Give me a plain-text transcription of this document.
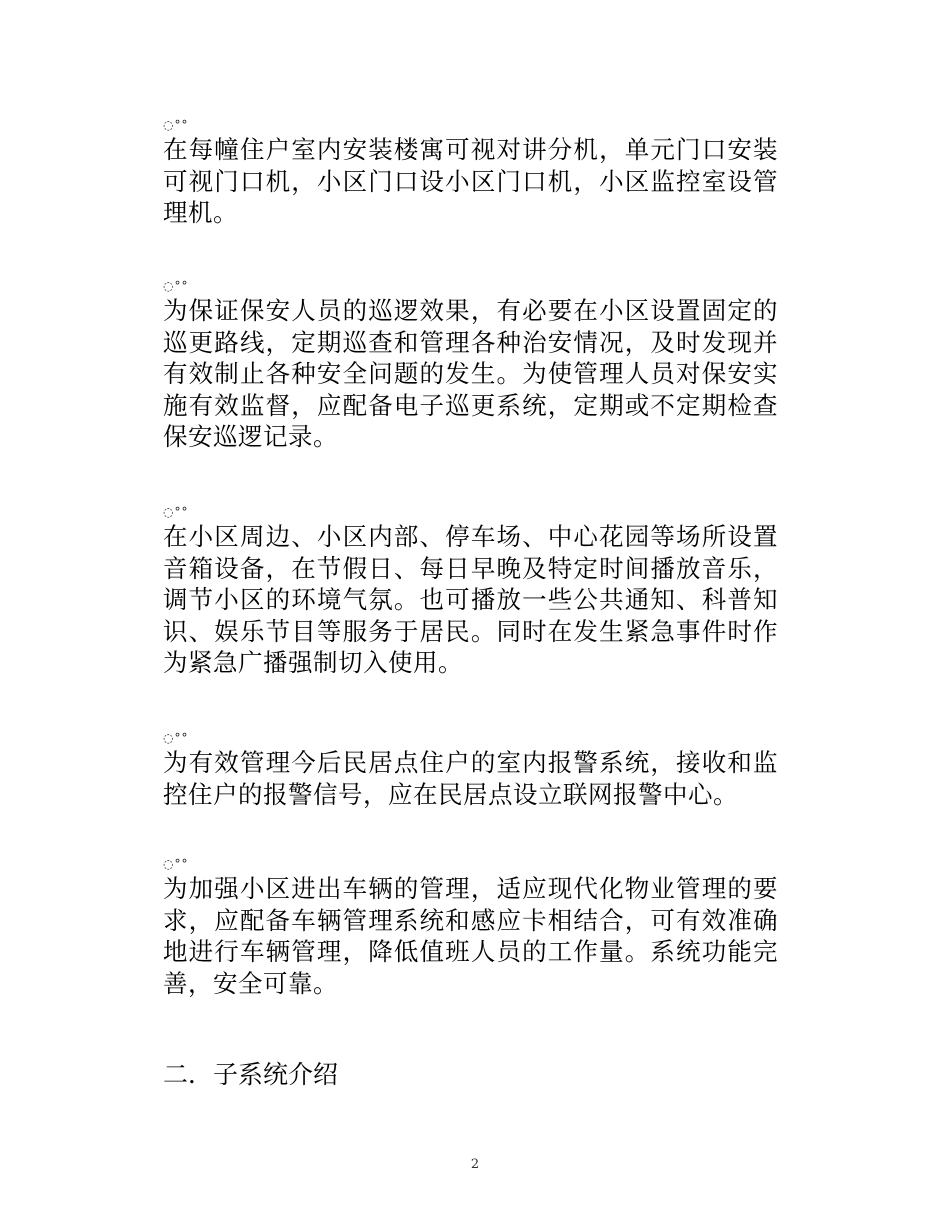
◌°°

在每幢住户室内安装楼寓可视对讲分机，单元门口安装可视门口机，小区门口设小区门口机，小区监控室设管理机。

◌°°

为保证保安人员的巡逻效果，有必要在小区设置固定的巡更路线，定期巡查和管理各种治安情况，及时发现并有效制止各种安全问题的发生。为使管理人员对保安实施有效监督，应配备电子巡更系统，定期或不定期检查保安巡逻记录。

◌°°

在小区周边、小区内部、停车场、中心花园等场所设置音箱设备，在节假日、每日早晚及特定时间播放音乐，调节小区的环境气氛。也可播放一些公共通知、科普知识、娱乐节目等服务于居民。同时在发生紧急事件时作为紧急广播强制切入使用。

◌°°

为有效管理今后民居点住户的室内报警系统，接收和监控住户的报警信号，应在民居点设立联网报警中心。

◌°°

为加强小区进出车辆的管理，适应现代化物业管理的要求，应配备车辆管理系统和感应卡相结合，可有效准确地进行车辆管理，降低值班人员的工作量。系统功能完善，安全可靠。

二．子系统介绍
2
